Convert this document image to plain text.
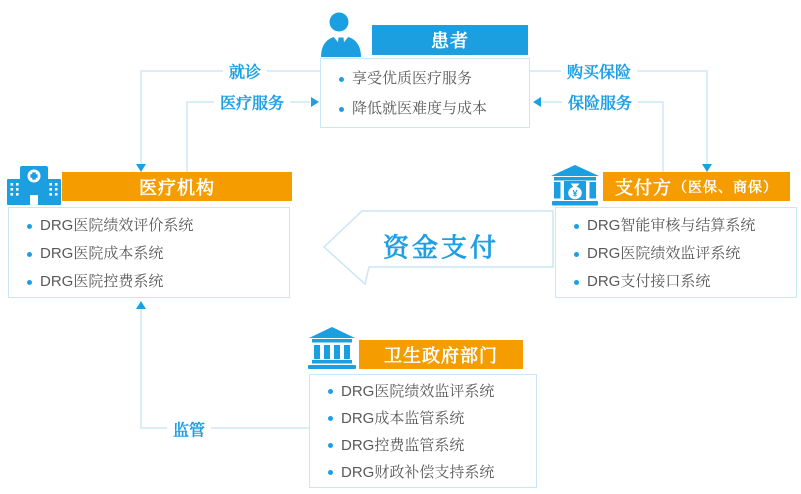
患者
享受优质医疗服务
降低就医难度与成本
医疗机构
DRG医院绩效评价系统
DRG医院成本系统
DRG医院控费系统
¥ 支付方 （医保、商保）
DRG智能审核与结算系统
DRG医院绩效监评系统
DRG支付接口系统
卫生政府部门
DRG医院绩效监评系统
DRG成本监管系统
DRG控费监管系统
DRG财政补偿支持系统
就诊
医疗服务
购买保险
保险服务
监管
资金支付
